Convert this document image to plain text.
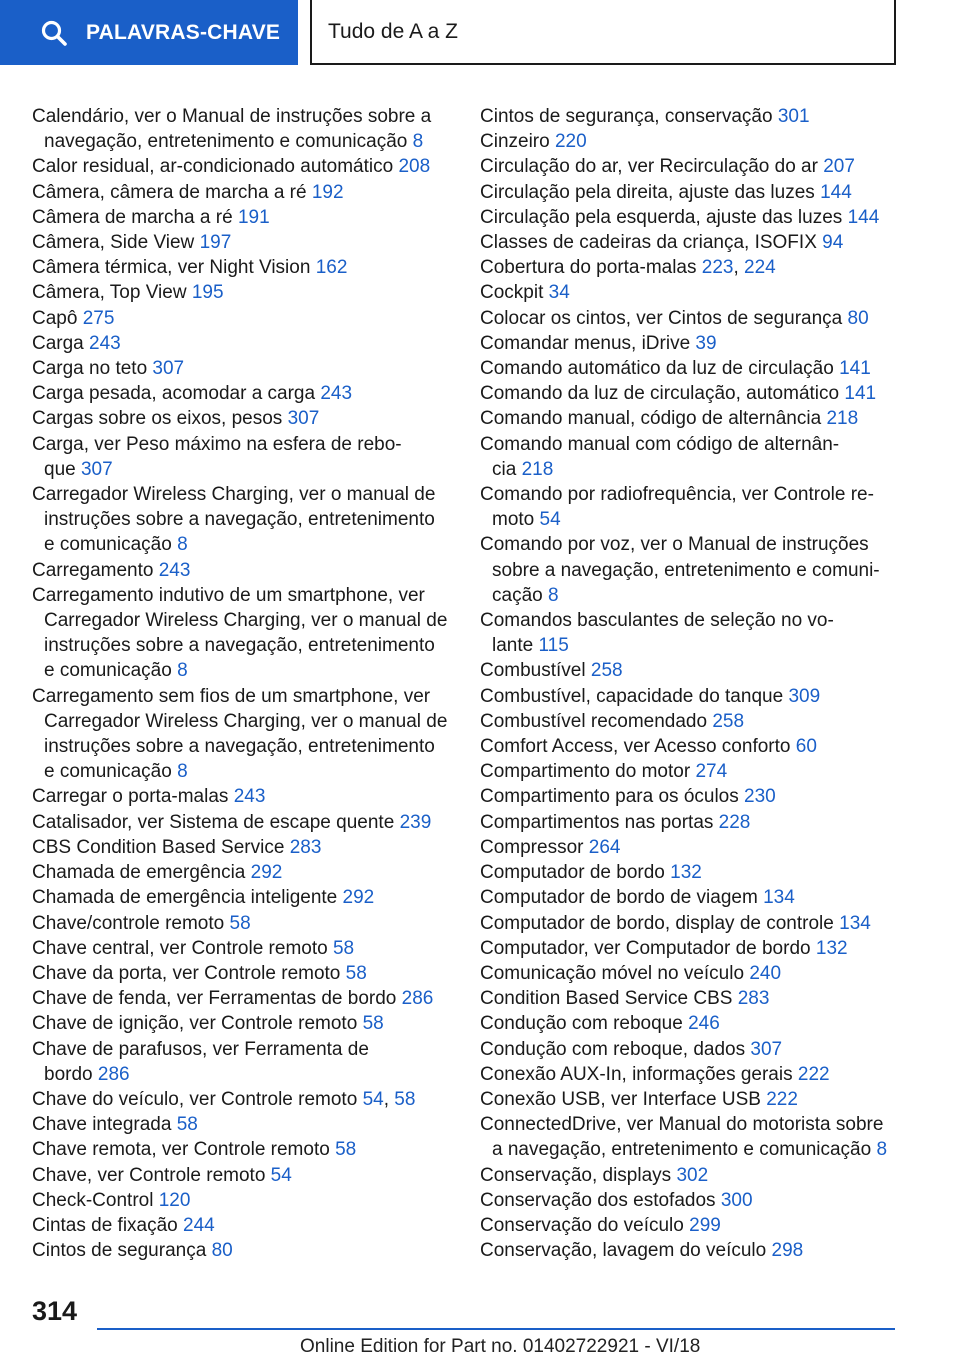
PALAVRAS-CHAVE Tudo de A a Z
Calendário, ver o Manual de instruções sobre a
navegação, entretenimento e comunicação 8
Calor residual, ar-condicionado automático 208
Câmera, câmera de marcha a ré 192
Câmera de marcha a ré 191
Câmera, Side View 197
Câmera térmica, ver Night Vision 162
Câmera, Top View 195
Capô 275
Carga 243
Carga no teto 307
Carga pesada, acomodar a carga 243
Cargas sobre os eixos, pesos 307
Carga, ver Peso máximo na esfera de rebo-
que 307
Carregador Wireless Charging, ver o manual de
instruções sobre a navegação, entretenimento
e comunicação 8
Carregamento 243
Carregamento indutivo de um smartphone, ver
Carregador Wireless Charging, ver o manual de
instruções sobre a navegação, entretenimento
e comunicação 8
Carregamento sem fios de um smartphone, ver
Carregador Wireless Charging, ver o manual de
instruções sobre a navegação, entretenimento
e comunicação 8
Carregar o porta-malas 243
Catalisador, ver Sistema de escape quente 239
CBS Condition Based Service 283
Chamada de emergência 292
Chamada de emergência inteligente 292
Chave/controle remoto 58
Chave central, ver Controle remoto 58
Chave da porta, ver Controle remoto 58
Chave de fenda, ver Ferramentas de bordo 286
Chave de ignição, ver Controle remoto 58
Chave de parafusos, ver Ferramenta de
bordo 286
Chave do veículo, ver Controle remoto 54, 58
Chave integrada 58
Chave remota, ver Controle remoto 58
Chave, ver Controle remoto 54
Check-Control 120
Cintas de fixação 244
Cintos de segurança 80
Cintos de segurança, conservação 301
Cinzeiro 220
Circulação do ar, ver Recirculação do ar 207
Circulação pela direita, ajuste das luzes 144
Circulação pela esquerda, ajuste das luzes 144
Classes de cadeiras da criança, ISOFIX 94
Cobertura do porta-malas 223, 224
Cockpit 34
Colocar os cintos, ver Cintos de segurança 80
Comandar menus, iDrive 39
Comando automático da luz de circulação 141
Comando da luz de circulação, automático 141
Comando manual, código de alternância 218
Comando manual com código de alternân-
cia 218
Comando por radiofrequência, ver Controle re-
moto 54
Comando por voz, ver o Manual de instruções
sobre a navegação, entretenimento e comuni-
cação 8
Comandos basculantes de seleção no vo-
lante 115
Combustível 258
Combustível, capacidade do tanque 309
Combustível recomendado 258
Comfort Access, ver Acesso conforto 60
Compartimento do motor 274
Compartimento para os óculos 230
Compartimentos nas portas 228
Compressor 264
Computador de bordo 132
Computador de bordo de viagem 134
Computador de bordo, display de controle 134
Computador, ver Computador de bordo 132
Comunicação móvel no veículo 240
Condition Based Service CBS 283
Condução com reboque 246
Condução com reboque, dados 307
Conexão AUX-In, informações gerais 222
Conexão USB, ver Interface USB 222
ConnectedDrive, ver Manual do motorista sobre
a navegação, entretenimento e comunicação 8
Conservação, displays 302
Conservação dos estofados 300
Conservação do veículo 299
Conservação, lavagem do veículo 298
314
Online Edition for Part no. 01402722921 - VI/18
